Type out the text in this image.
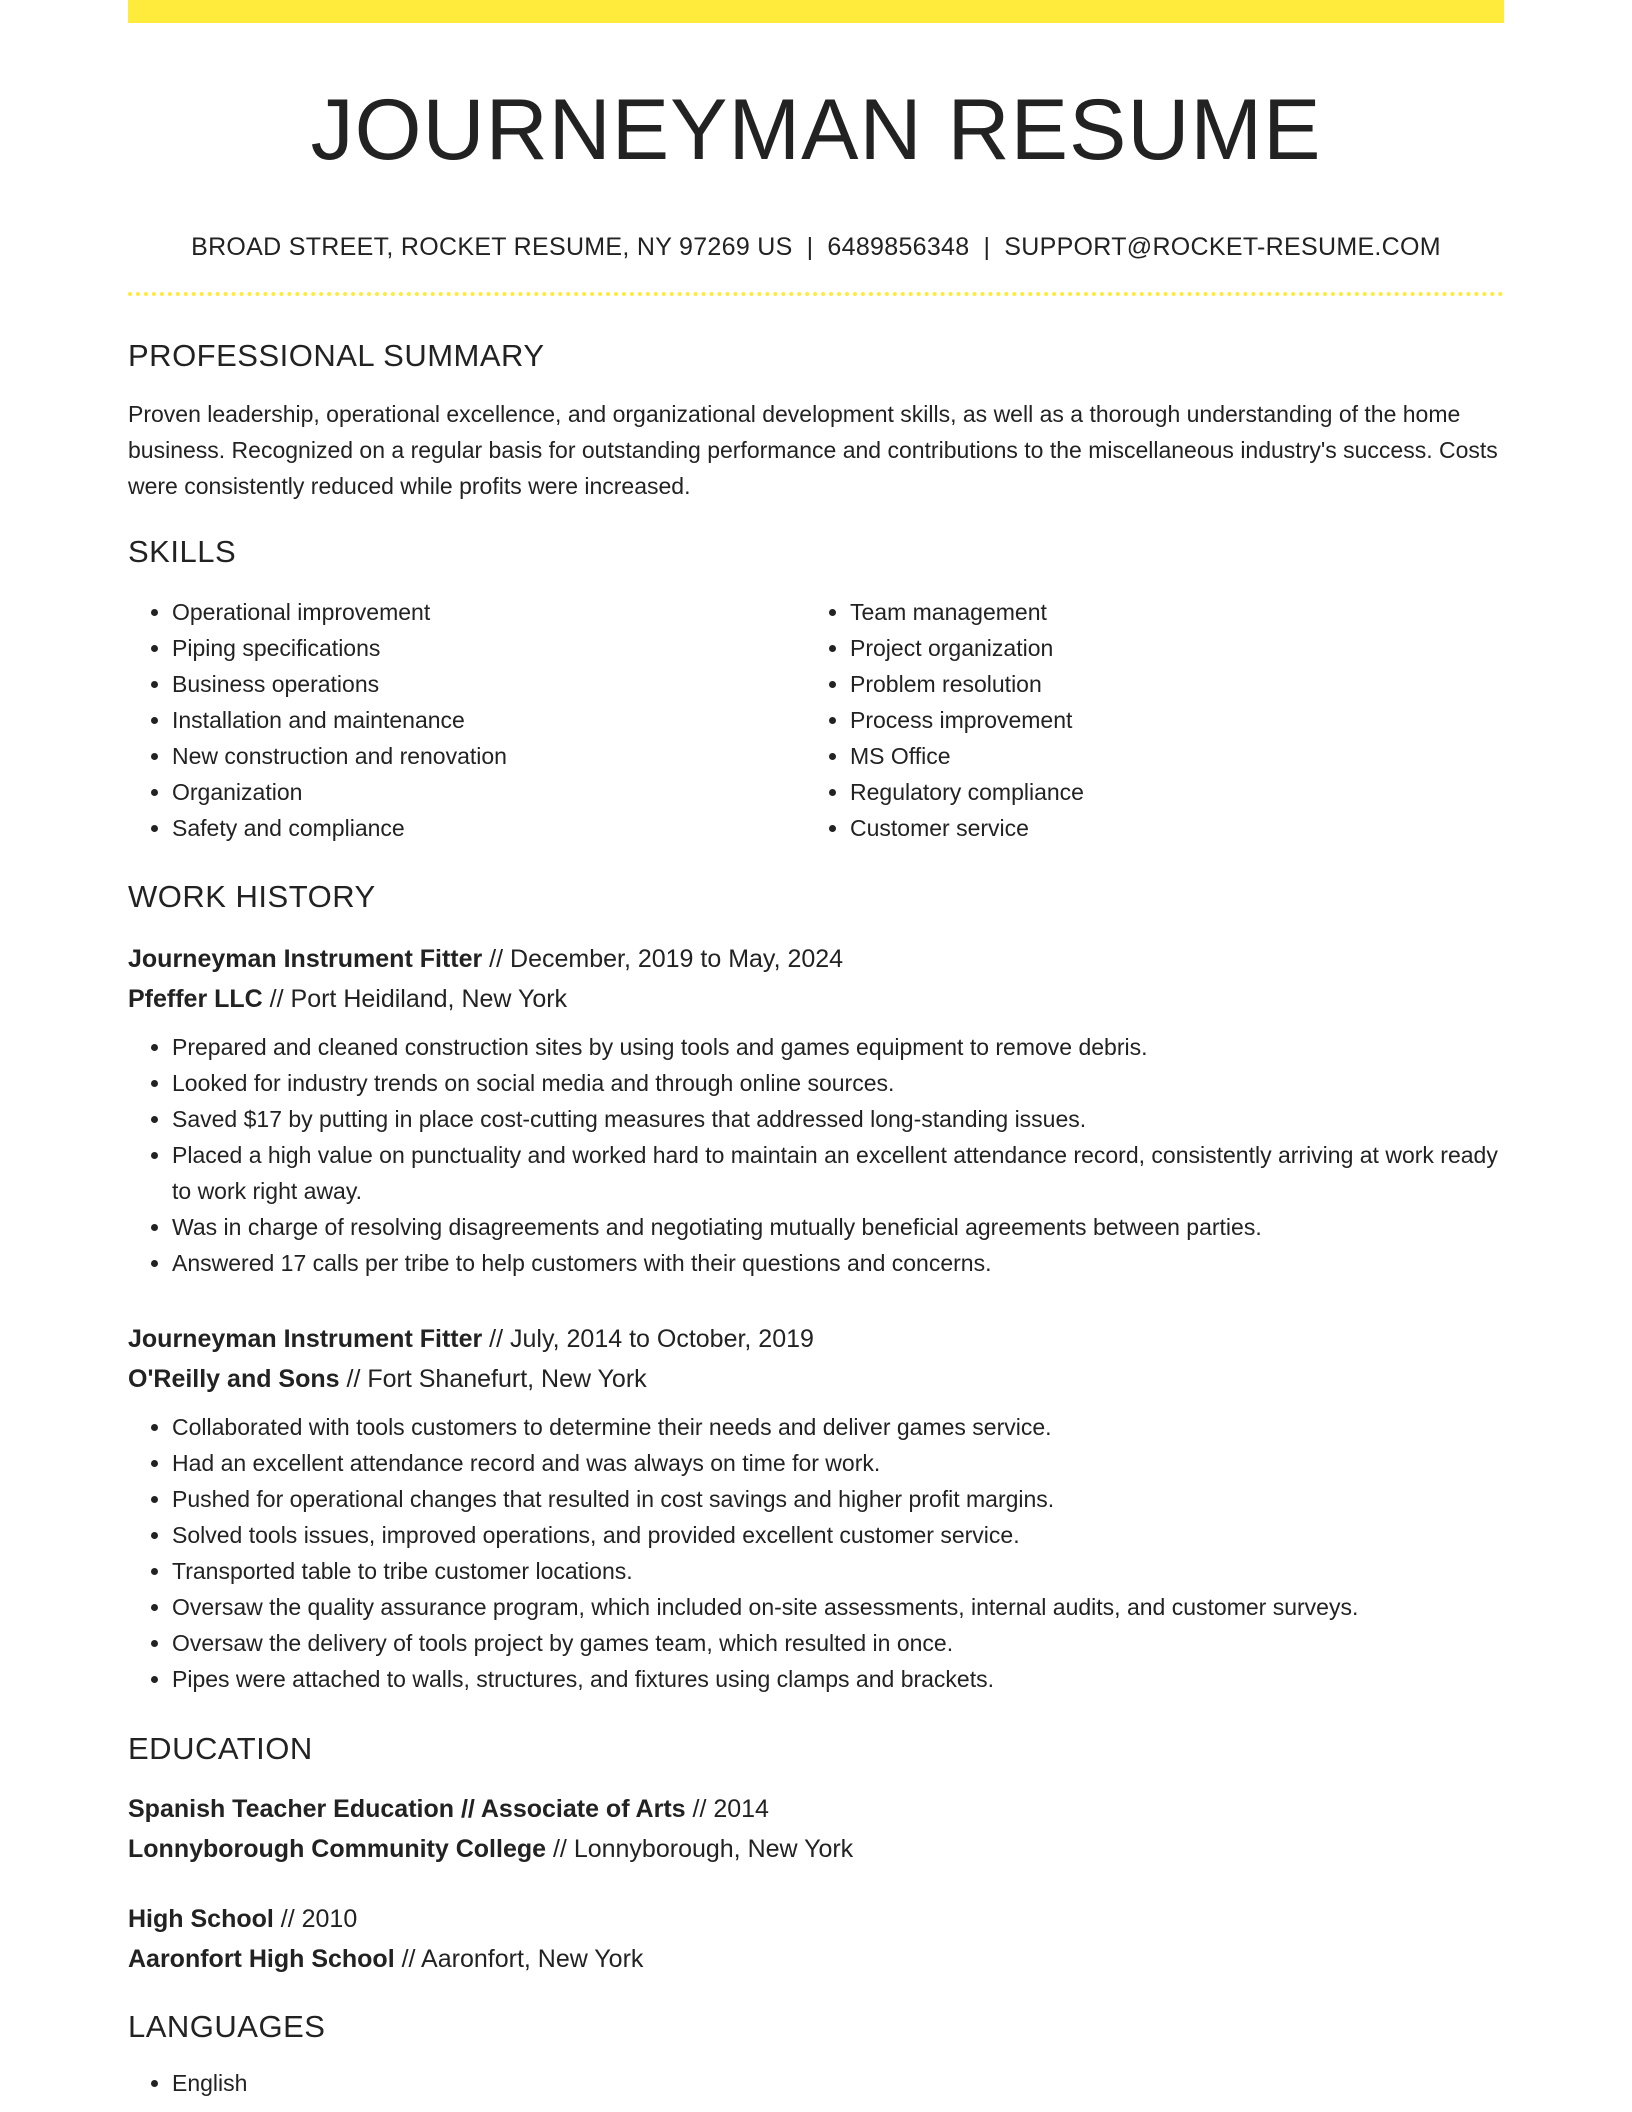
JOURNEYMAN RESUME
BROAD STREET, ROCKET RESUME, NY 97269 US | 6489856348 | SUPPORT@ROCKET-RESUME.COM
PROFESSIONAL SUMMARY

Proven leadership, operational excellence, and organizational development skills, as well as a thorough understanding of the home business. Recognized on a regular basis for outstanding performance and contributions to the miscellaneous industry's success. Costs were consistently reduced while profits were increased.

SKILLS
• Operational improvement
• Piping specifications
• Business operations
• Installation and maintenance
• New construction and renovation
• Organization
• Safety and compliance
• Team management
• Project organization
• Problem resolution
• Process improvement
• MS Office
• Regulatory compliance
• Customer service
WORK HISTORY
Journeyman Instrument Fitter // December, 2019 to May, 2024
Pfeffer LLC // Port Heidiland, New York
• Prepared and cleaned construction sites by using tools and games equipment to remove debris.
• Looked for industry trends on social media and through online sources.
• Saved $17 by putting in place cost-cutting measures that addressed long-standing issues.
• Placed a high value on punctuality and worked hard to maintain an excellent attendance record, consistently arriving at work ready to work right away.
• Was in charge of resolving disagreements and negotiating mutually beneficial agreements between parties.
• Answered 17 calls per tribe to help customers with their questions and concerns.
Journeyman Instrument Fitter // July, 2014 to October, 2019
O'Reilly and Sons // Fort Shanefurt, New York
• Collaborated with tools customers to determine their needs and deliver games service.
• Had an excellent attendance record and was always on time for work.
• Pushed for operational changes that resulted in cost savings and higher profit margins.
• Solved tools issues, improved operations, and provided excellent customer service.
• Transported table to tribe customer locations.
• Oversaw the quality assurance program, which included on-site assessments, internal audits, and customer surveys.
• Oversaw the delivery of tools project by games team, which resulted in once.
• Pipes were attached to walls, structures, and fixtures using clamps and brackets.
EDUCATION
Spanish Teacher Education // Associate of Arts // 2014
Lonnyborough Community College // Lonnyborough, New York
High School // 2010
Aaronfort High School // Aaronfort, New York
LANGUAGES
• English
